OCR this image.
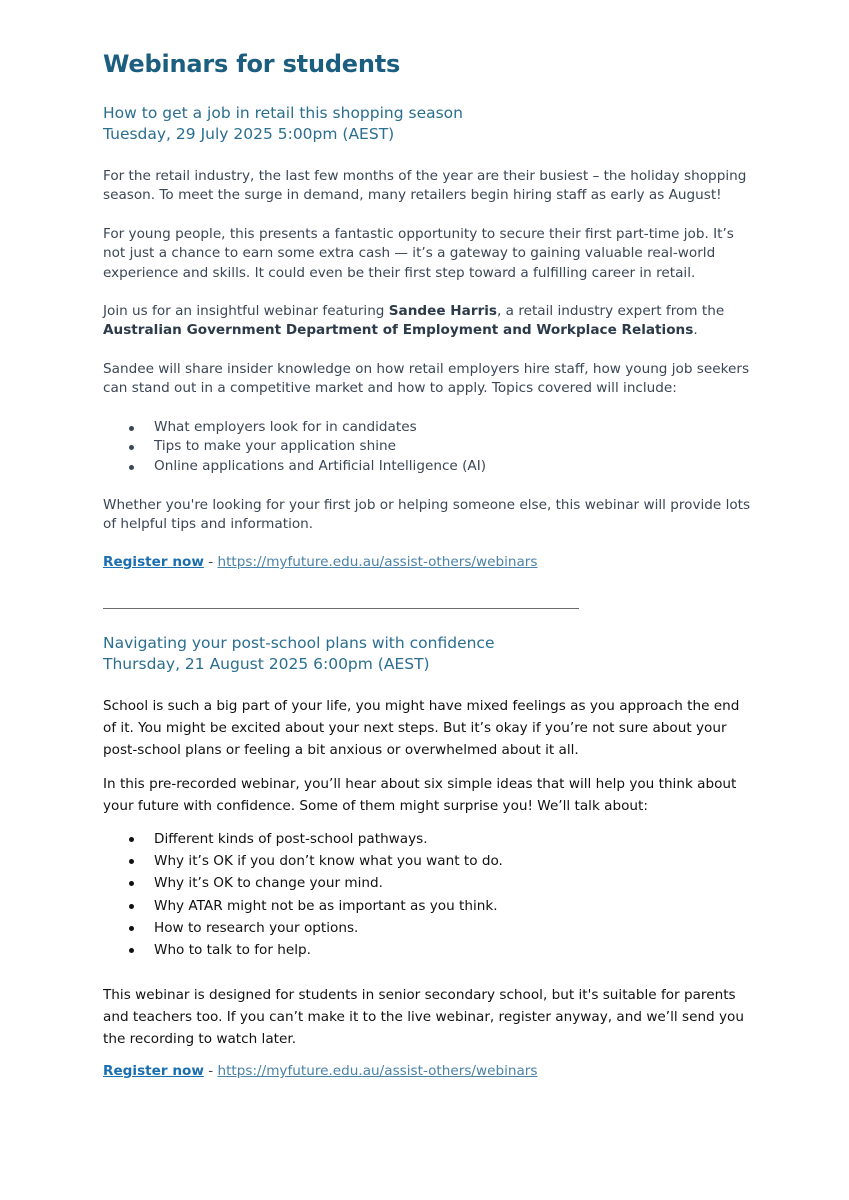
Webinars for students
How to get a job in retail this shopping season
Tuesday, 29 July 2025 5:00pm (AEST)

For the retail industry, the last few months of the year are their busiest – the holiday shopping season. To meet the surge in demand, many retailers begin hiring staff as early as August!

For young people, this presents a fantastic opportunity to secure their first part-time job. It’s not just a chance to earn some extra cash — it’s a gateway to gaining valuable real-world experience and skills. It could even be their first step toward a fulfilling career in retail.

Join us for an insightful webinar featuring Sandee Harris, a retail industry expert from the Australian Government Department of Employment and Workplace Relations.

Sandee will share insider knowledge on how retail employers hire staff, how young job seekers can stand out in a competitive market and how to apply. Topics covered will include:

What employers look for in candidates
Tips to make your application shine
Online applications and Artificial Intelligence (AI)

Whether you're looking for your first job or helping someone else, this webinar will provide lots of helpful tips and information.

Register now - https://myfuture.edu.au/assist-others/webinars
Navigating your post-school plans with confidence
Thursday, 21 August 2025 6:00pm (AEST)

School is such a big part of your life, you might have mixed feelings as you approach the end of it. You might be excited about your next steps. But it’s okay if you’re not sure about your post-school plans or feeling a bit anxious or overwhelmed about it all.

In this pre-recorded webinar, you’ll hear about six simple ideas that will help you think about your future with confidence. Some of them might surprise you! We’ll talk about:

Different kinds of post-school pathways.
Why it’s OK if you don’t know what you want to do.
Why it’s OK to change your mind.
Why ATAR might not be as important as you think.
How to research your options.
Who to talk to for help.

This webinar is designed for students in senior secondary school, but it's suitable for parents and teachers too. If you can’t make it to the live webinar, register anyway, and we’ll send you the recording to watch later.

Register now - https://myfuture.edu.au/assist-others/webinars
